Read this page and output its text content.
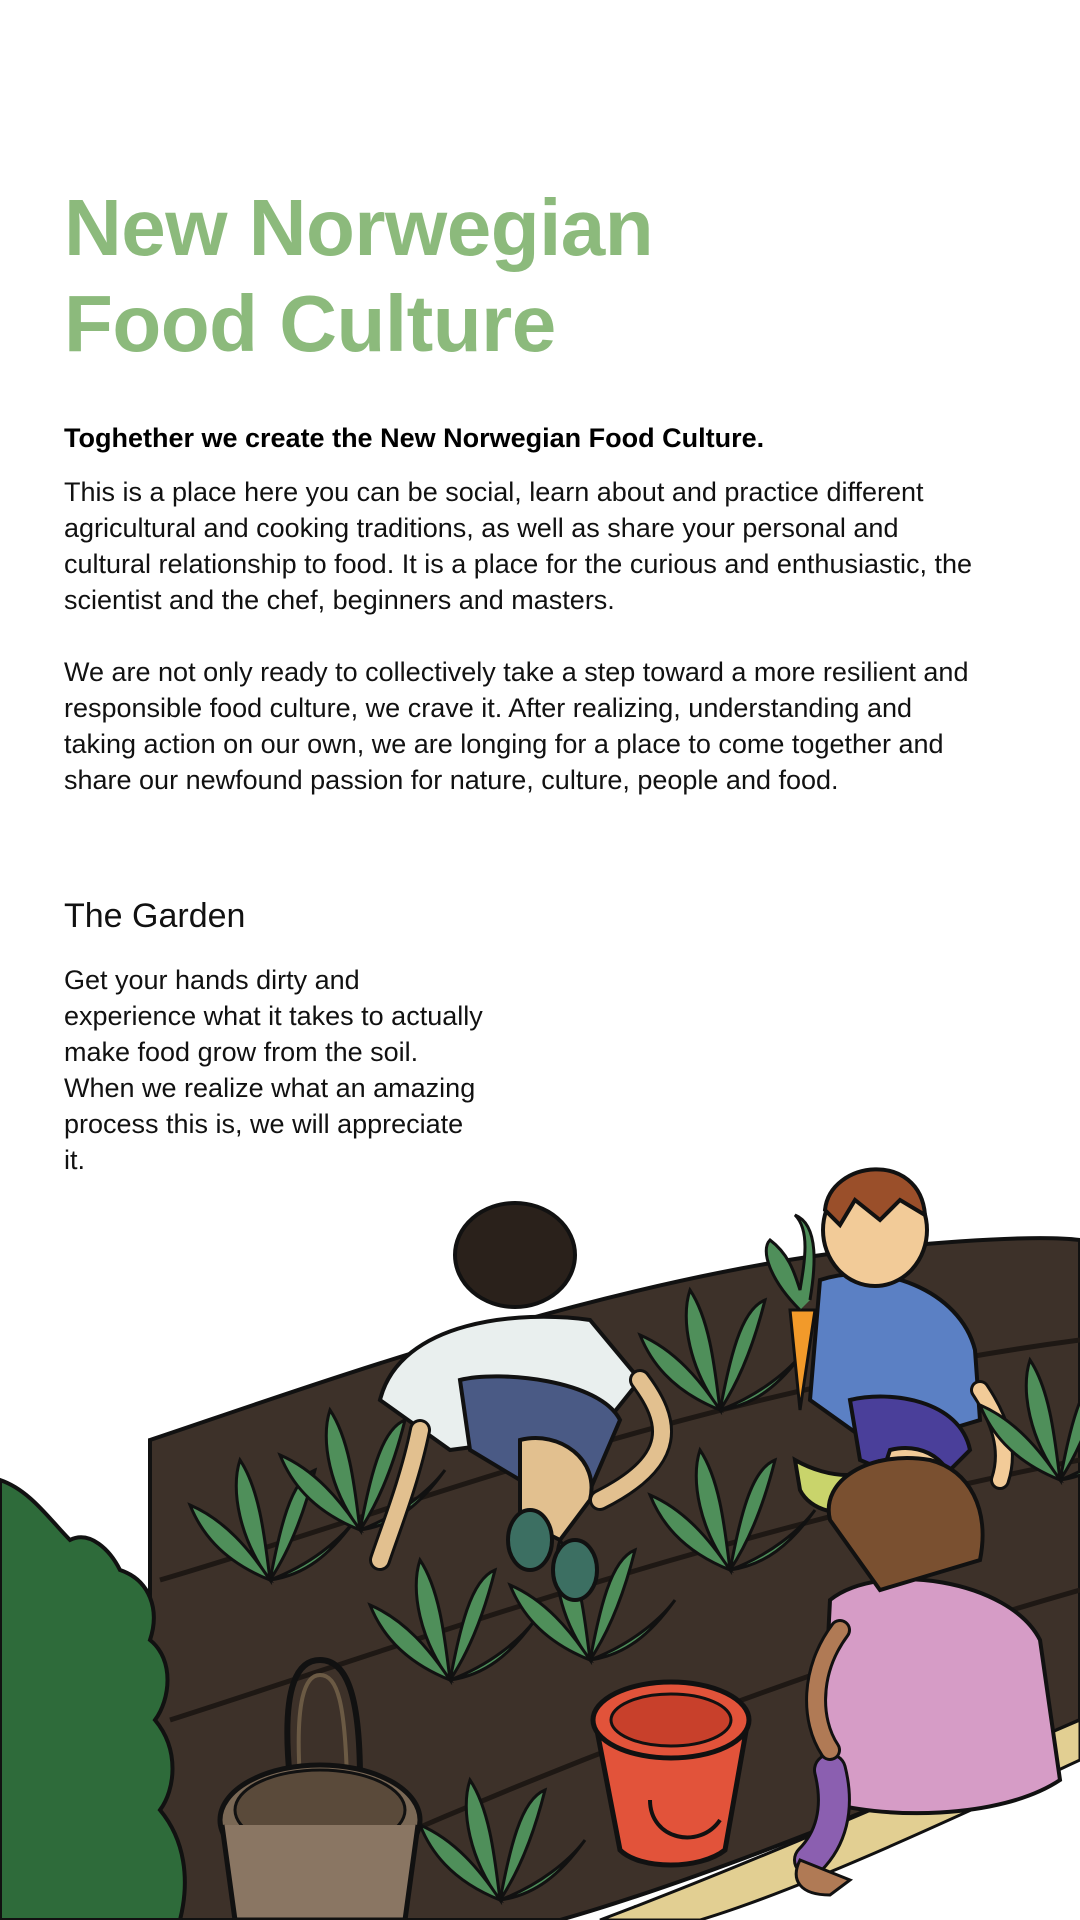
New Norwegian
Food Culture

Toghether we create the New Norwegian Food Culture.

This is a place here you can be social, learn about and practice different agricultural and cooking traditions, as well as share your personal and cultural relationship to food. It is a place for the curious and enthusiastic, the scientist and the chef, beginners and masters.

We are not only ready to collectively take a step toward a more resilient and responsible food culture, we crave it. After realizing, understanding and taking action on our own, we are longing for a place to come together and share our newfound passion for nature, culture, people and food.

The Garden

Get your hands dirty and experience what it takes to actually make food grow from the soil. When we realize what an amazing process this is, we will appreciate it.
